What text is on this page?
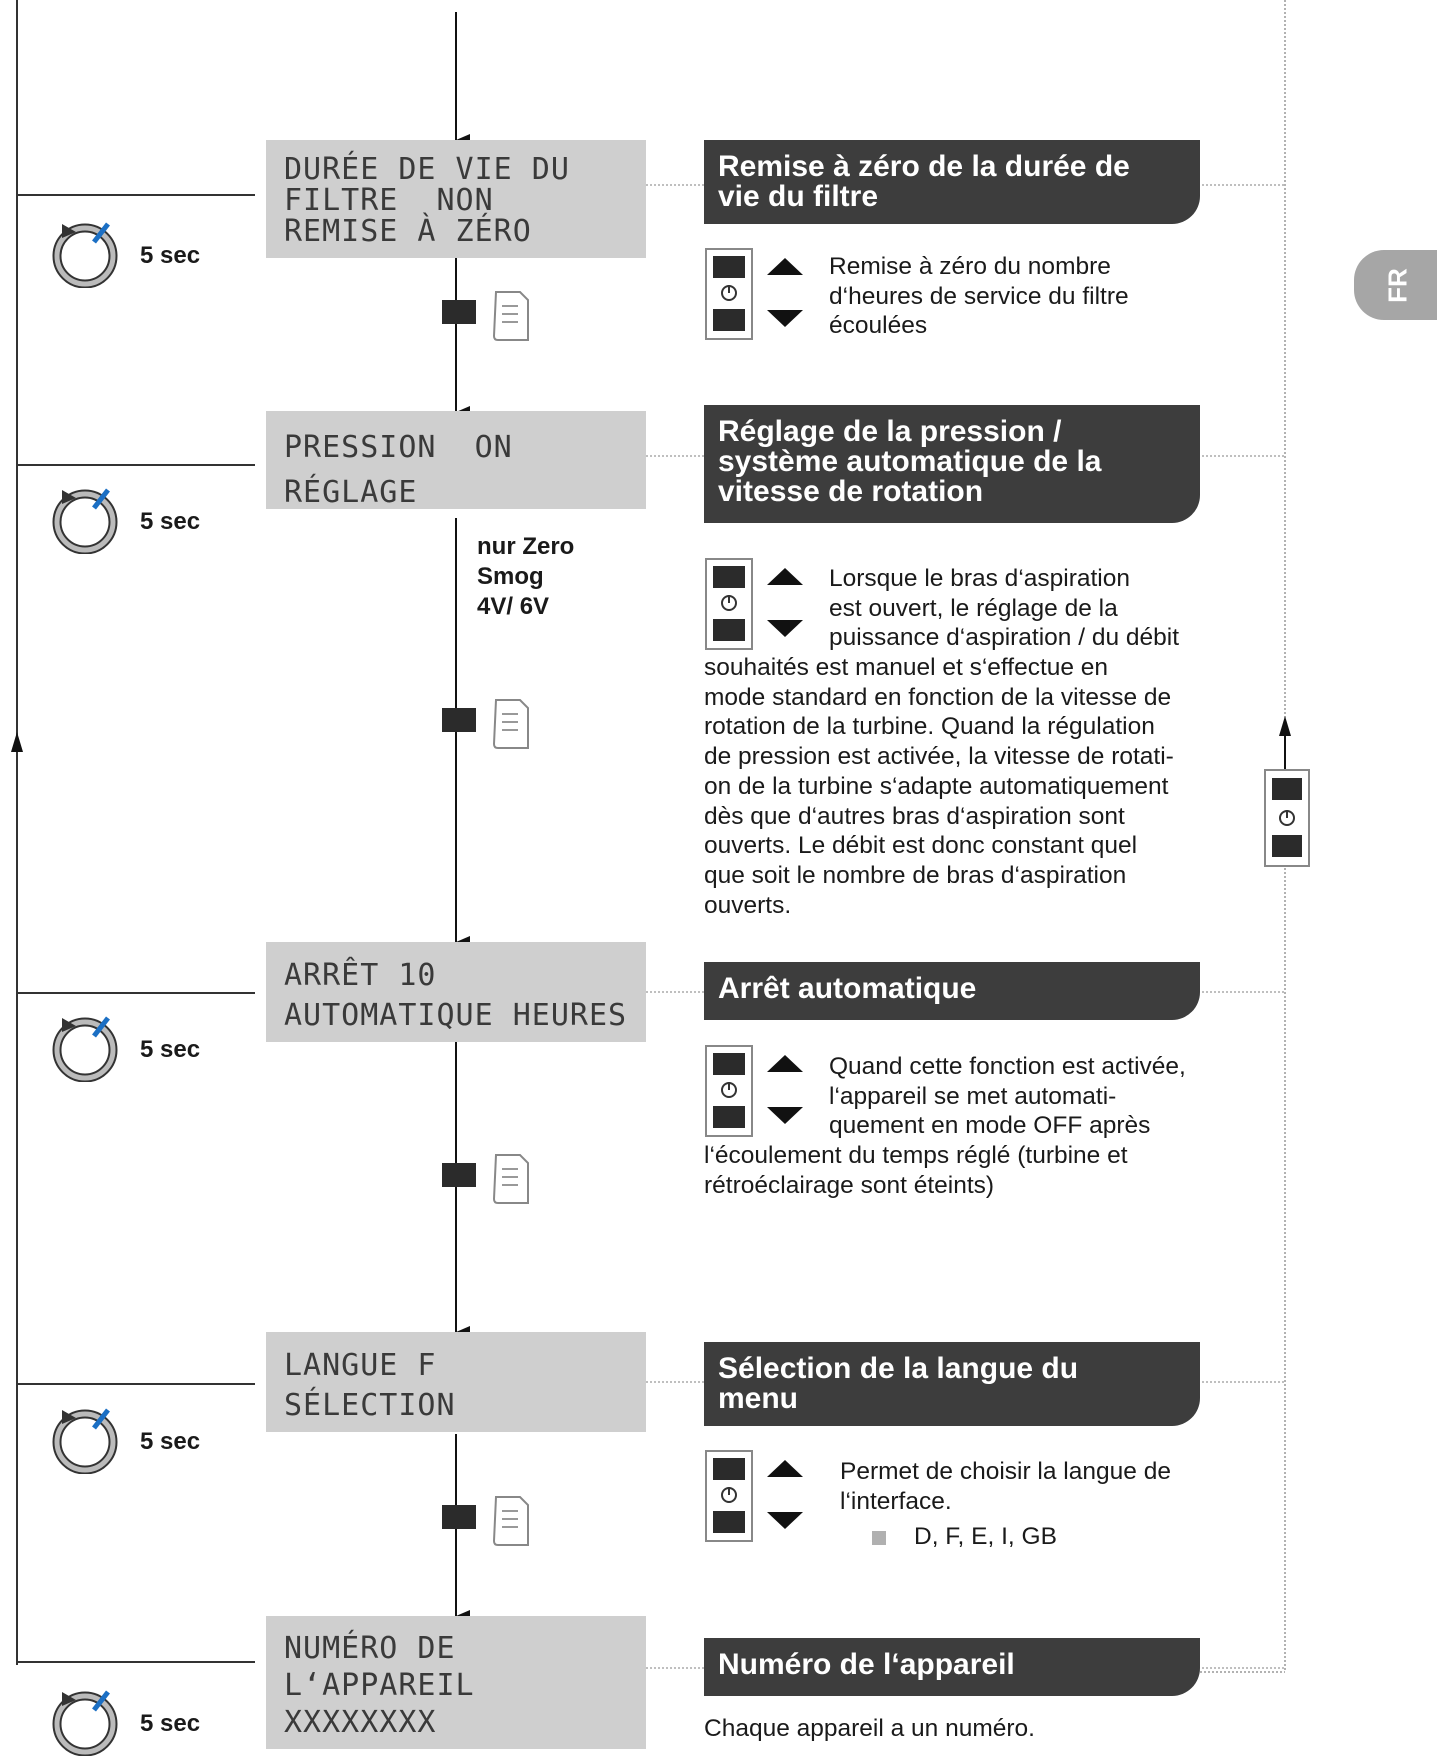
FR
5 sec
5 sec
5 sec
5 sec
5 sec
DURÉE DE VIE DU
FILTRE  NON
REMISE À ZÉRO
Remise à zéro de la durée de
vie du filtre
Remise à zéro du nombre
d‘heures de service du filtre
écoulées
PRESSION  ON
RÉGLAGE
Réglage de la pression /
système automatique de la
vitesse de rotation
nur Zero
Smog
4V/ 6V
Lorsque le bras d‘aspiration
est ouvert, le réglage de la
puissance d‘aspiration / du débit
souhaités est manuel et s‘effectue en
mode standard en fonction de la vitesse de
rotation de la turbine. Quand la régulation
de pression est activée, la vitesse de rotati-
on de la turbine s‘adapte automatiquement
dès que d‘autres bras d‘aspiration sont
ouverts. Le débit est donc constant quel
que soit le nombre de bras d‘aspiration
ouverts.
ARRÊT 10
AUTOMATIQUE HEURES
Arrêt automatique
Quand cette fonction est activée,
l‘appareil se met automati-
quement en mode OFF après
l‘écoulement du temps réglé (turbine et
rétroéclairage sont éteints)
LANGUE F
SÉLECTION
Sélection de la langue du
menu
Permet de choisir la langue de
l‘interface.
D, F, E, I, GB
NUMÉRO DE
L‘APPAREIL
XXXXXXXX
Numéro de l‘appareil
Chaque appareil a un numéro.
